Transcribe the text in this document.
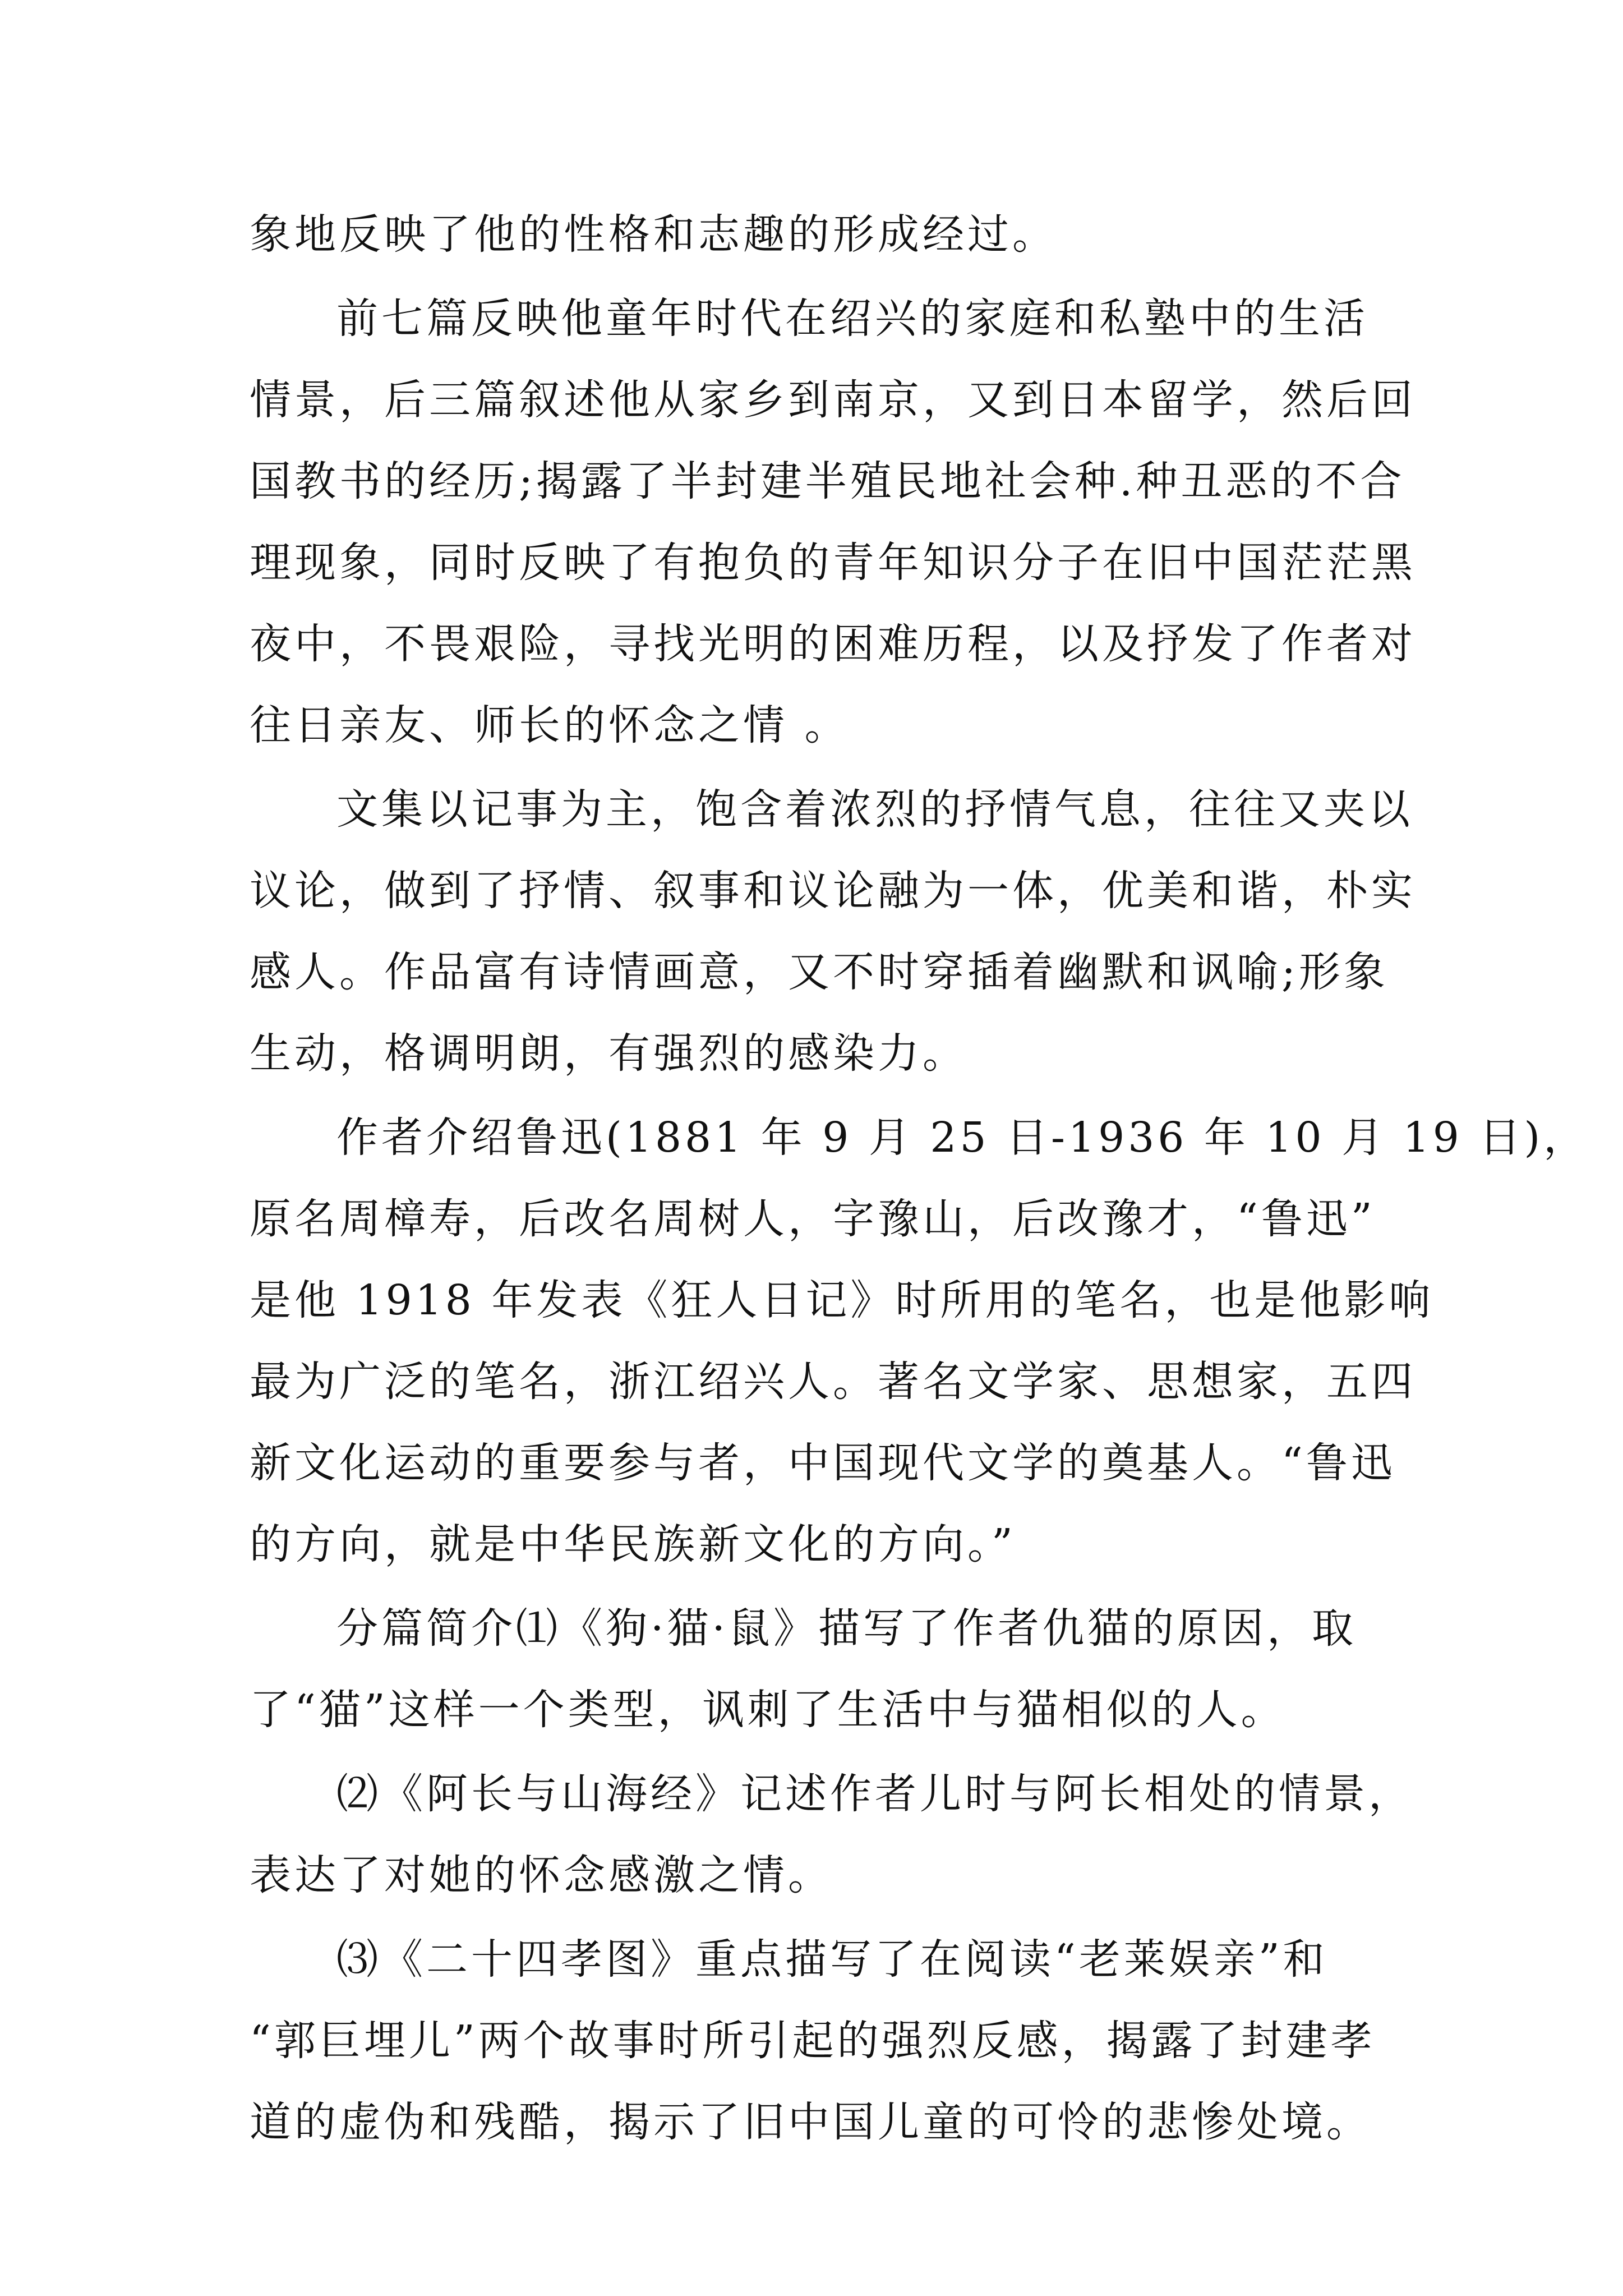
象地反映了他的性格和志趣的形成经过。
前七篇反映他童年时代在绍兴的家庭和私塾中的生活
情景，后三篇叙述他从家乡到南京，又到日本留学，然后回
国教书的经历;揭露了半封建半殖民地社会种.种丑恶的不合
理现象，同时反映了有抱负的青年知识分子在旧中国茫茫黑
夜中，不畏艰险，寻找光明的困难历程，以及抒发了作者对
往日亲友、师长的怀念之情 。
文集以记事为主，饱含着浓烈的抒情气息，往往又夹以
议论，做到了抒情、叙事和议论融为一体，优美和谐，朴实
感人。作品富有诗情画意，又不时穿插着幽默和讽喻;形象
生动，格调明朗，有强烈的感染力。
作者介绍鲁迅(1881 年 9 月 25 日-1936 年 10 月 19 日)，
原名周樟寿，后改名周树人，字豫山，后改豫才，“鲁迅”
是他 1918 年发表《狂人日记》时所用的笔名，也是他影响
最为广泛的笔名，浙江绍兴人。著名文学家、思想家，五四
新文化运动的重要参与者，中国现代文学的奠基人。“鲁迅
的方向，就是中华民族新文化的方向。”
分篇简介⑴《狗·猫·鼠》描写了作者仇猫的原因，取
了“猫”这样一个类型，讽刺了生活中与猫相似的人。
⑵《阿长与山海经》记述作者儿时与阿长相处的情景，
表达了对她的怀念感激之情。
⑶《二十四孝图》重点描写了在阅读“老莱娱亲”和
“郭巨埋儿”两个故事时所引起的强烈反感，揭露了封建孝
道的虚伪和残酷，揭示了旧中国儿童的可怜的悲惨处境。
